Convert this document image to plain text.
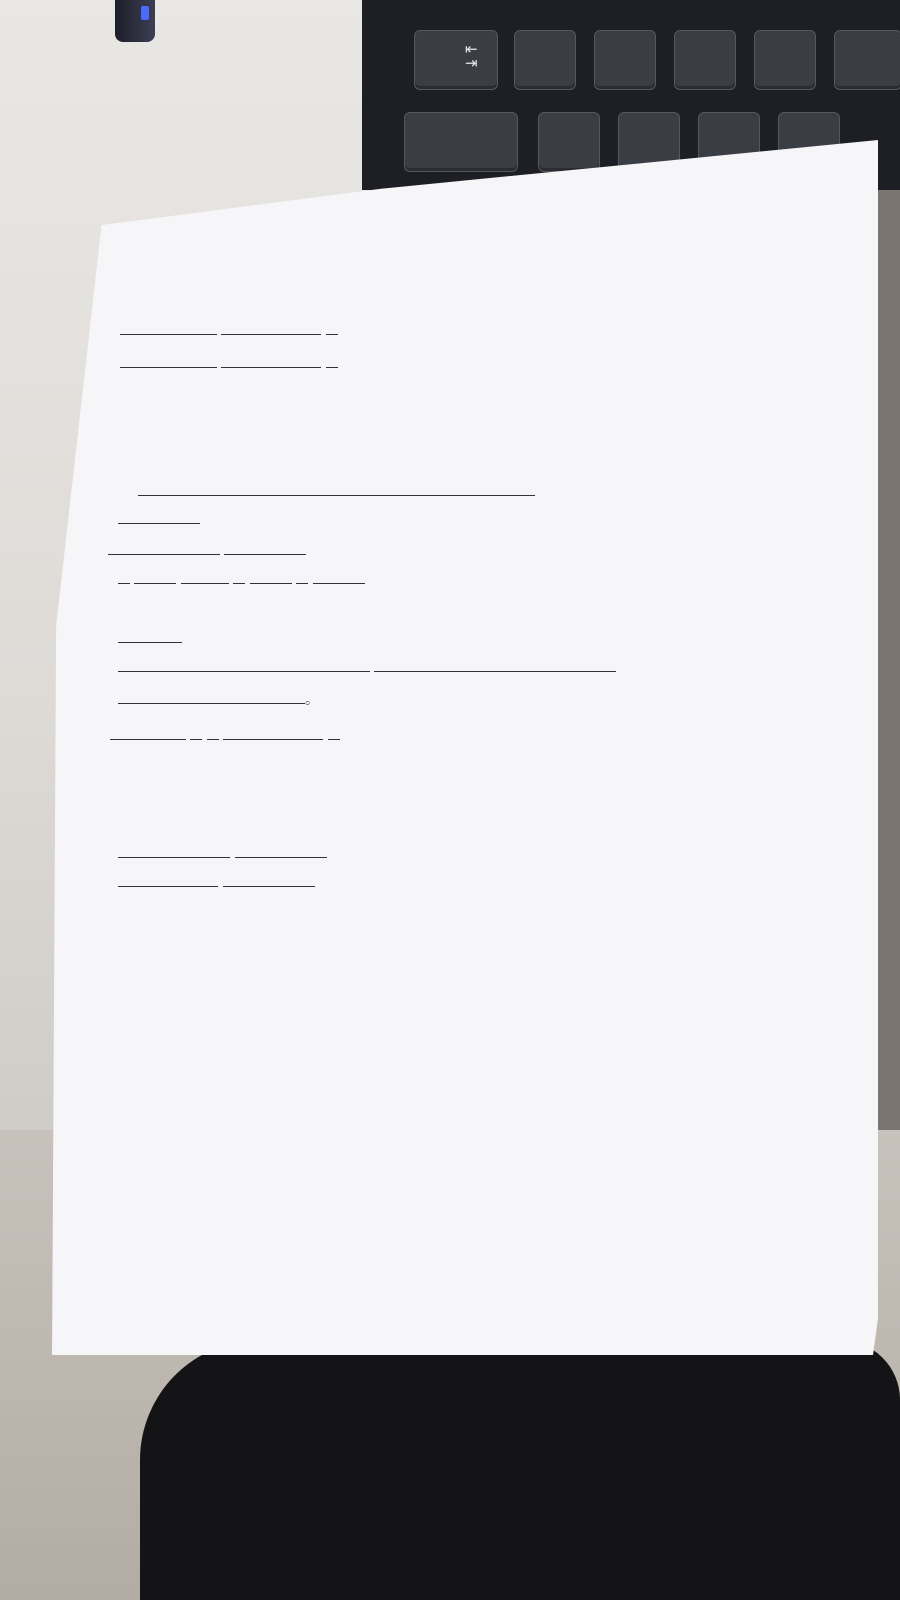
⇤
⇥

。
